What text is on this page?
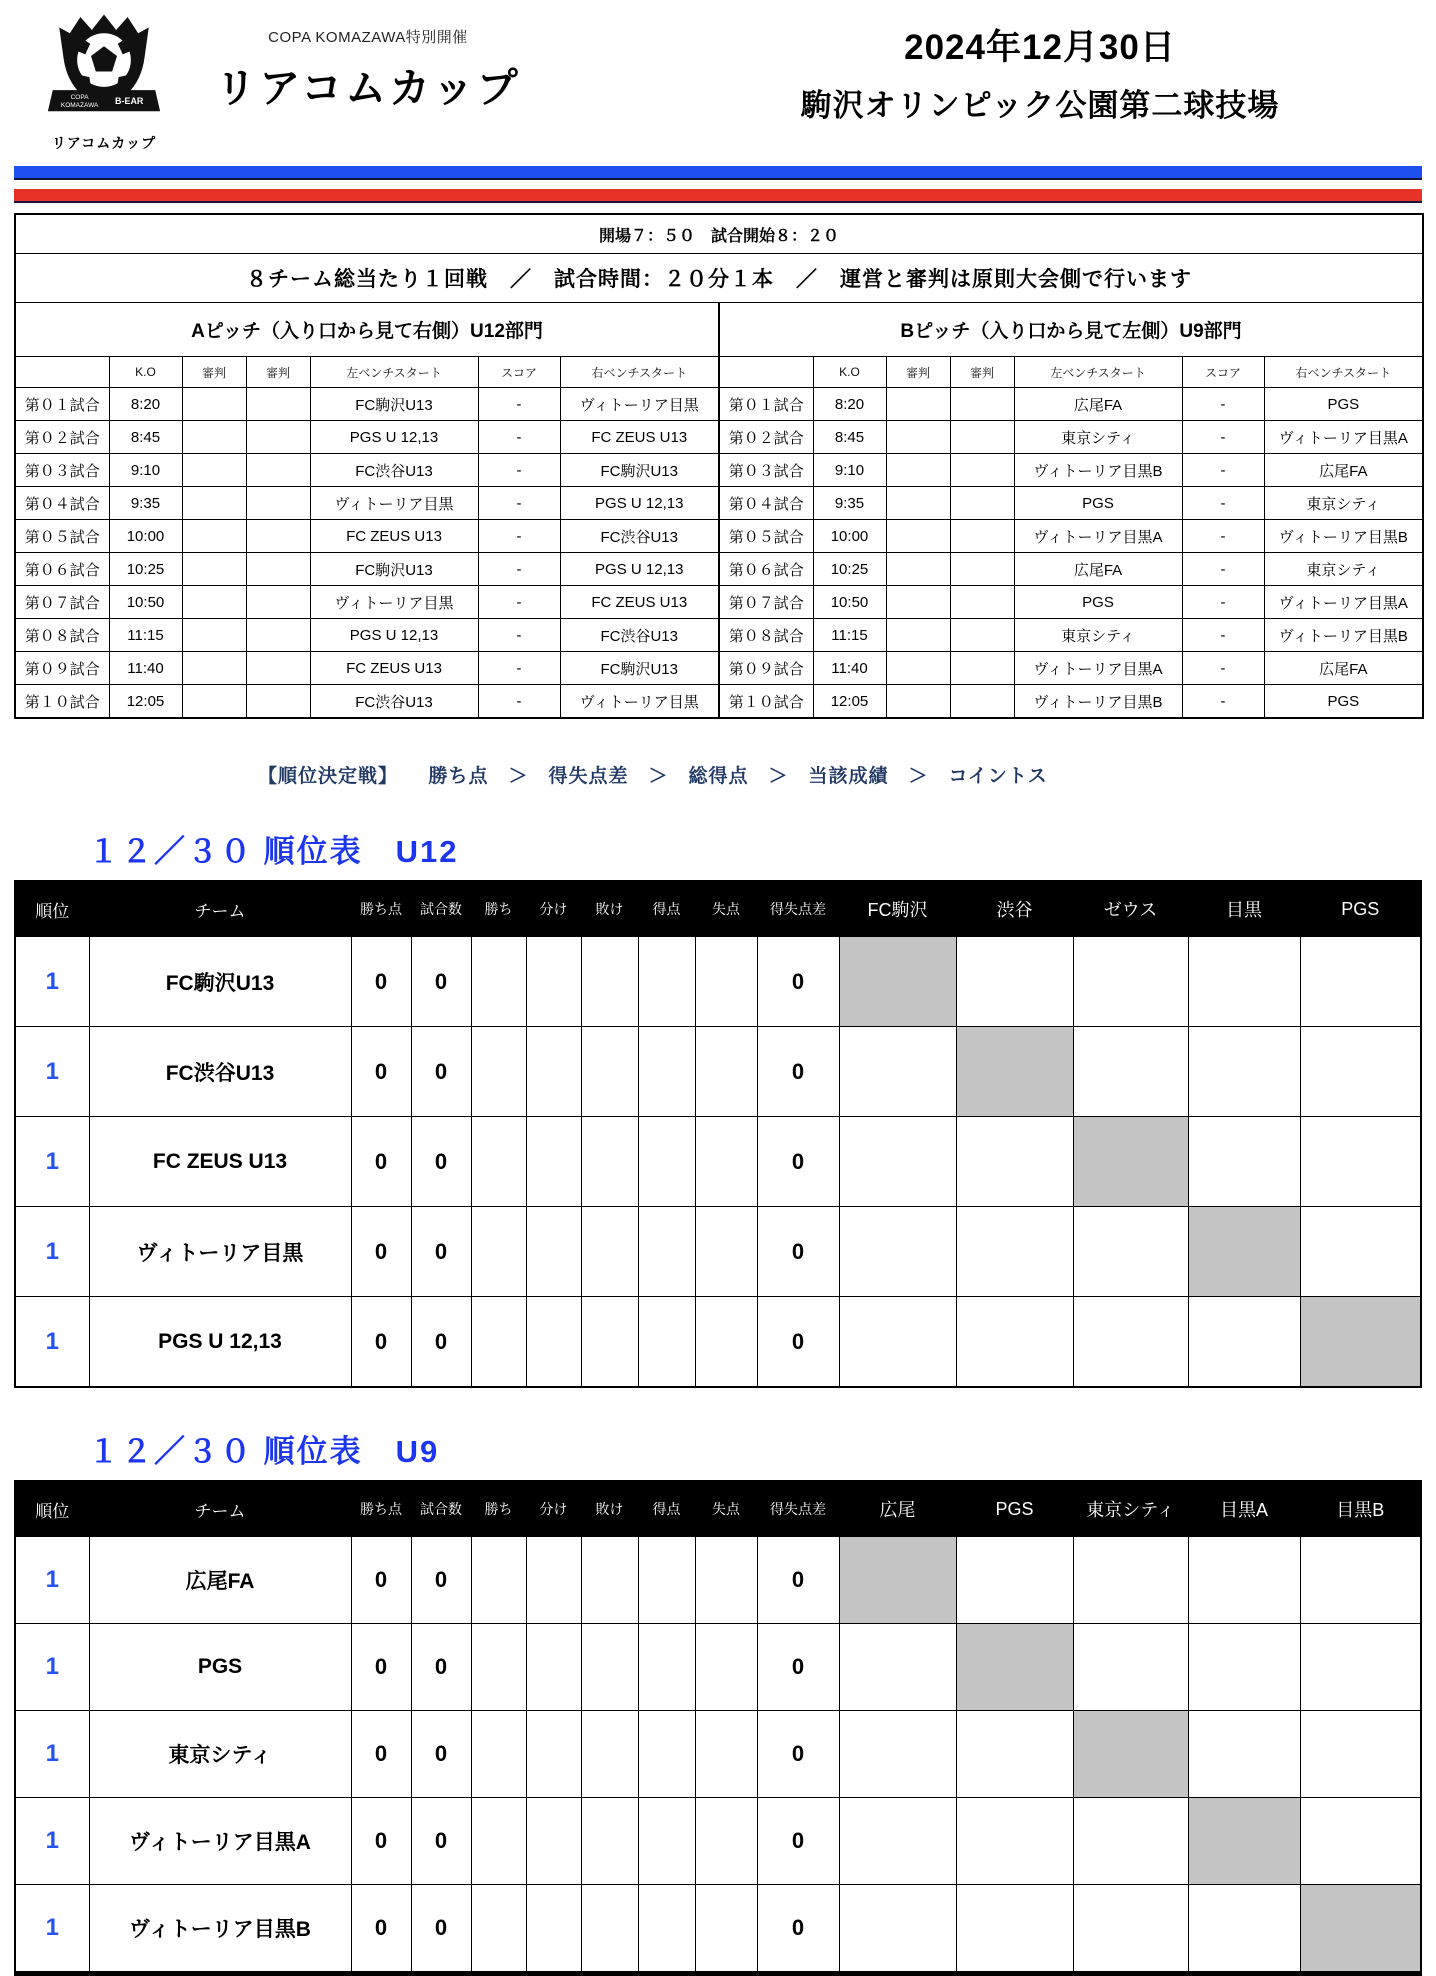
COPA
KOMAZAWA B-EAR
リアコムカップ
COPA KOMAZAWA特別開催
リアコムカップ
2024年12月30日
駒沢オリンピック公園第二球技場
開場７：５０　試合開始８：２０													
８チーム総当たり１回戦　／　試合時間：２０分１本　／　運営と審判は原則大会側で行います													
Aピッチ（入り口から見て右側）U12部門							Bピッチ（入り口から見て左側）U9部門						
	K.O	審判	審判	左ベンチスタート	スコア	右ベンチスタート		K.O	審判	審判	左ベンチスタート	スコア	右ベンチスタート
第０１試合	8:20			FC駒沢U13	-	ヴィトーリア目黒	第０１試合	8:20			広尾FA	-	PGS
第０２試合	8:45			PGS U 12,13	-	FC ZEUS U13	第０２試合	8:45			東京シティ	-	ヴィトーリア目黒A
第０３試合	9:10			FC渋谷U13	-	FC駒沢U13	第０３試合	9:10			ヴィトーリア目黒B	-	広尾FA
第０４試合	9:35			ヴィトーリア目黒	-	PGS U 12,13	第０４試合	9:35			PGS	-	東京シティ
第０５試合	10:00			FC ZEUS U13	-	FC渋谷U13	第０５試合	10:00			ヴィトーリア目黒A	-	ヴィトーリア目黒B
第０６試合	10:25			FC駒沢U13	-	PGS U 12,13	第０６試合	10:25			広尾FA	-	東京シティ
第０７試合	10:50			ヴィトーリア目黒	-	FC ZEUS U13	第０７試合	10:50			PGS	-	ヴィトーリア目黒A
第０８試合	11:15			PGS U 12,13	-	FC渋谷U13	第０８試合	11:15			東京シティ	-	ヴィトーリア目黒B
第０９試合	11:40			FC ZEUS U13	-	FC駒沢U13	第０９試合	11:40			ヴィトーリア目黒A	-	広尾FA
第１０試合	12:05			FC渋谷U13	-	ヴィトーリア目黒	第１０試合	12:05			ヴィトーリア目黒B	-	PGS
【順位決定戦】　　勝ち点　＞　得失点差　＞　総得点　＞　当該成績　＞　コイントス
１２／３０ 順位表　U12
順位	チーム	勝ち点	試合数	勝ち	分け	敗け	得点	失点	得失点差	FC駒沢	渋谷	ゼウス	目黒	PGS
1	FC駒沢U13	0	0						0					
1	FC渋谷U13	0	0						0					
1	FC ZEUS U13	0	0						0					
1	ヴィトーリア目黒	0	0						0					
1	PGS U 12,13	0	0						0					
１２／３０ 順位表　U9
順位	チーム	勝ち点	試合数	勝ち	分け	敗け	得点	失点	得失点差	広尾	PGS	東京シティ	目黒A	目黒B
1	広尾FA	0	0						0					
1	PGS	0	0						0					
1	東京シティ	0	0						0					
1	ヴィトーリア目黒A	0	0						0					
1	ヴィトーリア目黒B	0	0						0					
